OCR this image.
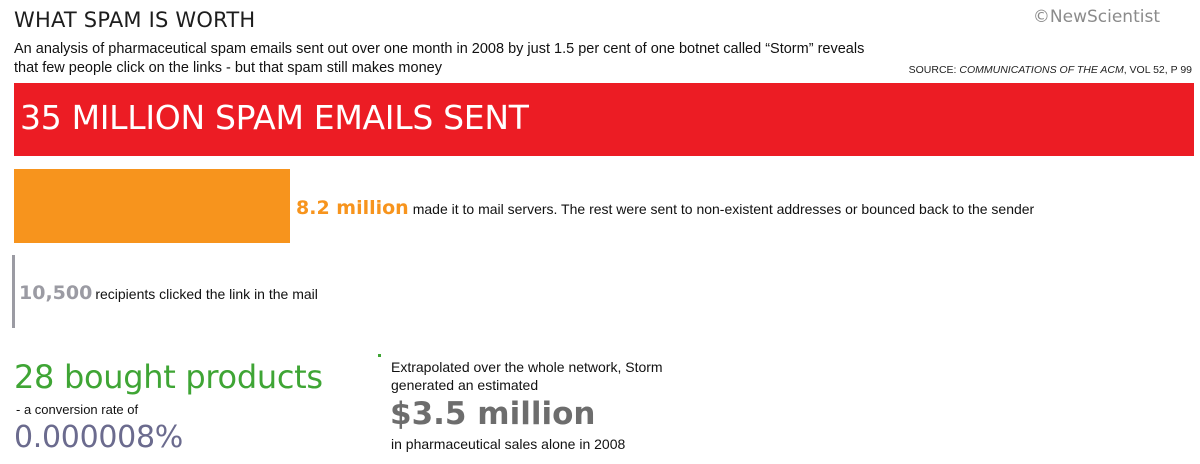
WHAT SPAM IS WORTH	©NewScientist
An analysis of pharmaceutical spam emails sent out over one month in 2008 by just 1.5 per cent of one botnet called “Storm” reveals that few people click on the links - but that spam still makes money	SOURCE: COMMUNICATIONS OF THE ACM, VOL 52, P 99
35 MILLION SPAM EMAILS SENT
8.2 million made it to mail servers. The rest were sent to non-existent addresses or bounced back to the sender
10,500 recipients clicked the link in the mail
28 bought products
- a conversion rate of
0.000008%
Extrapolated over the whole network, Storm generated an estimated
$3.5 million
in pharmaceutical sales alone in 2008
